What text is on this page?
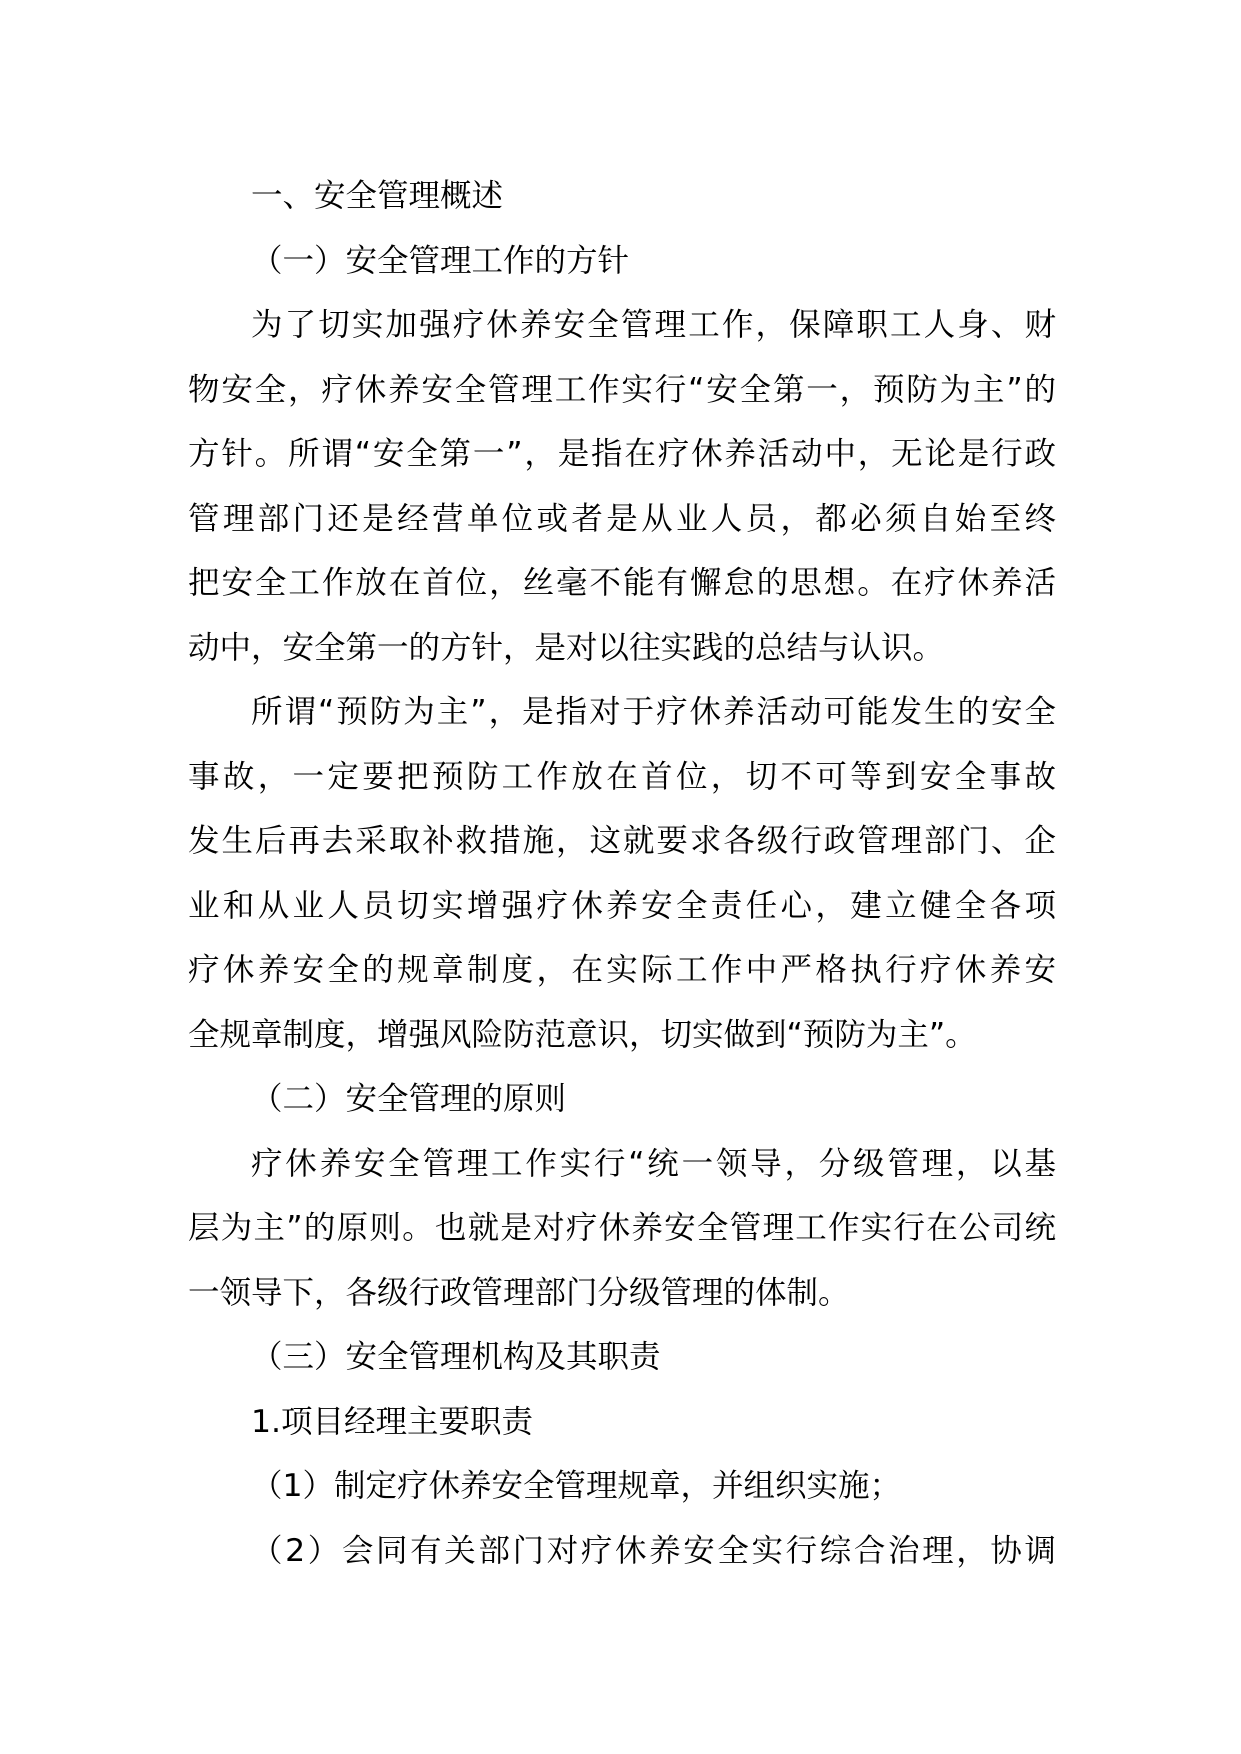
一、安全管理概述
（一）安全管理工作的方针
为了切实加强疗休养安全管理工作，保障职工人身、财
物安全，疗休养安全管理工作实行“安全第一，预防为主”的
方针。所谓“安全第一”，是指在疗休养活动中，无论是行政
管理部门还是经营单位或者是从业人员，都必须自始至终
把安全工作放在首位，丝毫不能有懈怠的思想。在疗休养活
动中，安全第一的方针，是对以往实践的总结与认识。
所谓“预防为主”，是指对于疗休养活动可能发生的安全
事故，一定要把预防工作放在首位，切不可等到安全事故
发生后再去采取补救措施，这就要求各级行政管理部门、企
业和从业人员切实增强疗休养安全责任心，建立健全各项
疗休养安全的规章制度，在实际工作中严格执行疗休养安
全规章制度，增强风险防范意识，切实做到“预防为主”。
（二）安全管理的原则
疗休养安全管理工作实行“统一领导，分级管理，以基
层为主”的原则。也就是对疗休养安全管理工作实行在公司统
一领导下，各级行政管理部门分级管理的体制。
（三）安全管理机构及其职责
1.项目经理主要职责
（1）制定疗休养安全管理规章，并组织实施；
（2）会同有关部门对疗休养安全实行综合治理，协调
